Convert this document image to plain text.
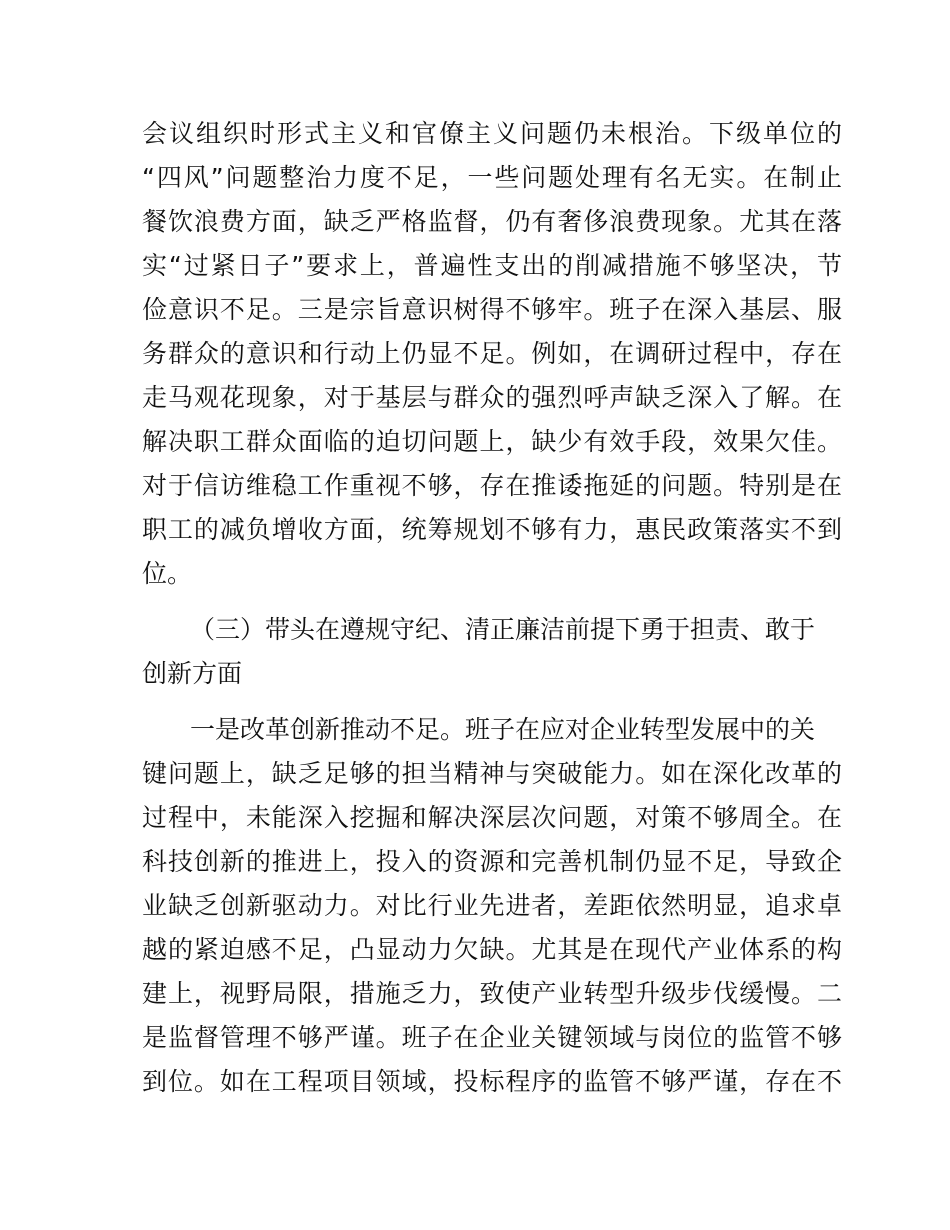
会议组织时形式主义和官僚主义问题仍未根治。下级单位的
“四风”问题整治力度不足，一些问题处理有名无实。在制止
餐饮浪费方面，缺乏严格监督，仍有奢侈浪费现象。尤其在落
实“过紧日子”要求上，普遍性支出的削减措施不够坚决，节
俭意识不足。三是宗旨意识树得不够牢。班子在深入基层、服
务群众的意识和行动上仍显不足。例如，在调研过程中，存在
走马观花现象，对于基层与群众的强烈呼声缺乏深入了解。在
解决职工群众面临的迫切问题上，缺少有效手段，效果欠佳。
对于信访维稳工作重视不够，存在推诿拖延的问题。特别是在
职工的减负增收方面，统筹规划不够有力，惠民政策落实不到
位。
（三）带头在遵规守纪、清正廉洁前提下勇于担责、敢于
创新方面
一是改革创新推动不足。班子在应对企业转型发展中的关
键问题上，缺乏足够的担当精神与突破能力。如在深化改革的
过程中，未能深入挖掘和解决深层次问题，对策不够周全。在
科技创新的推进上，投入的资源和完善机制仍显不足，导致企
业缺乏创新驱动力。对比行业先进者，差距依然明显，追求卓
越的紧迫感不足，凸显动力欠缺。尤其是在现代产业体系的构
建上，视野局限，措施乏力，致使产业转型升级步伐缓慢。二
是监督管理不够严谨。班子在企业关键领域与岗位的监管不够
到位。如在工程项目领域，投标程序的监管不够严谨，存在不
